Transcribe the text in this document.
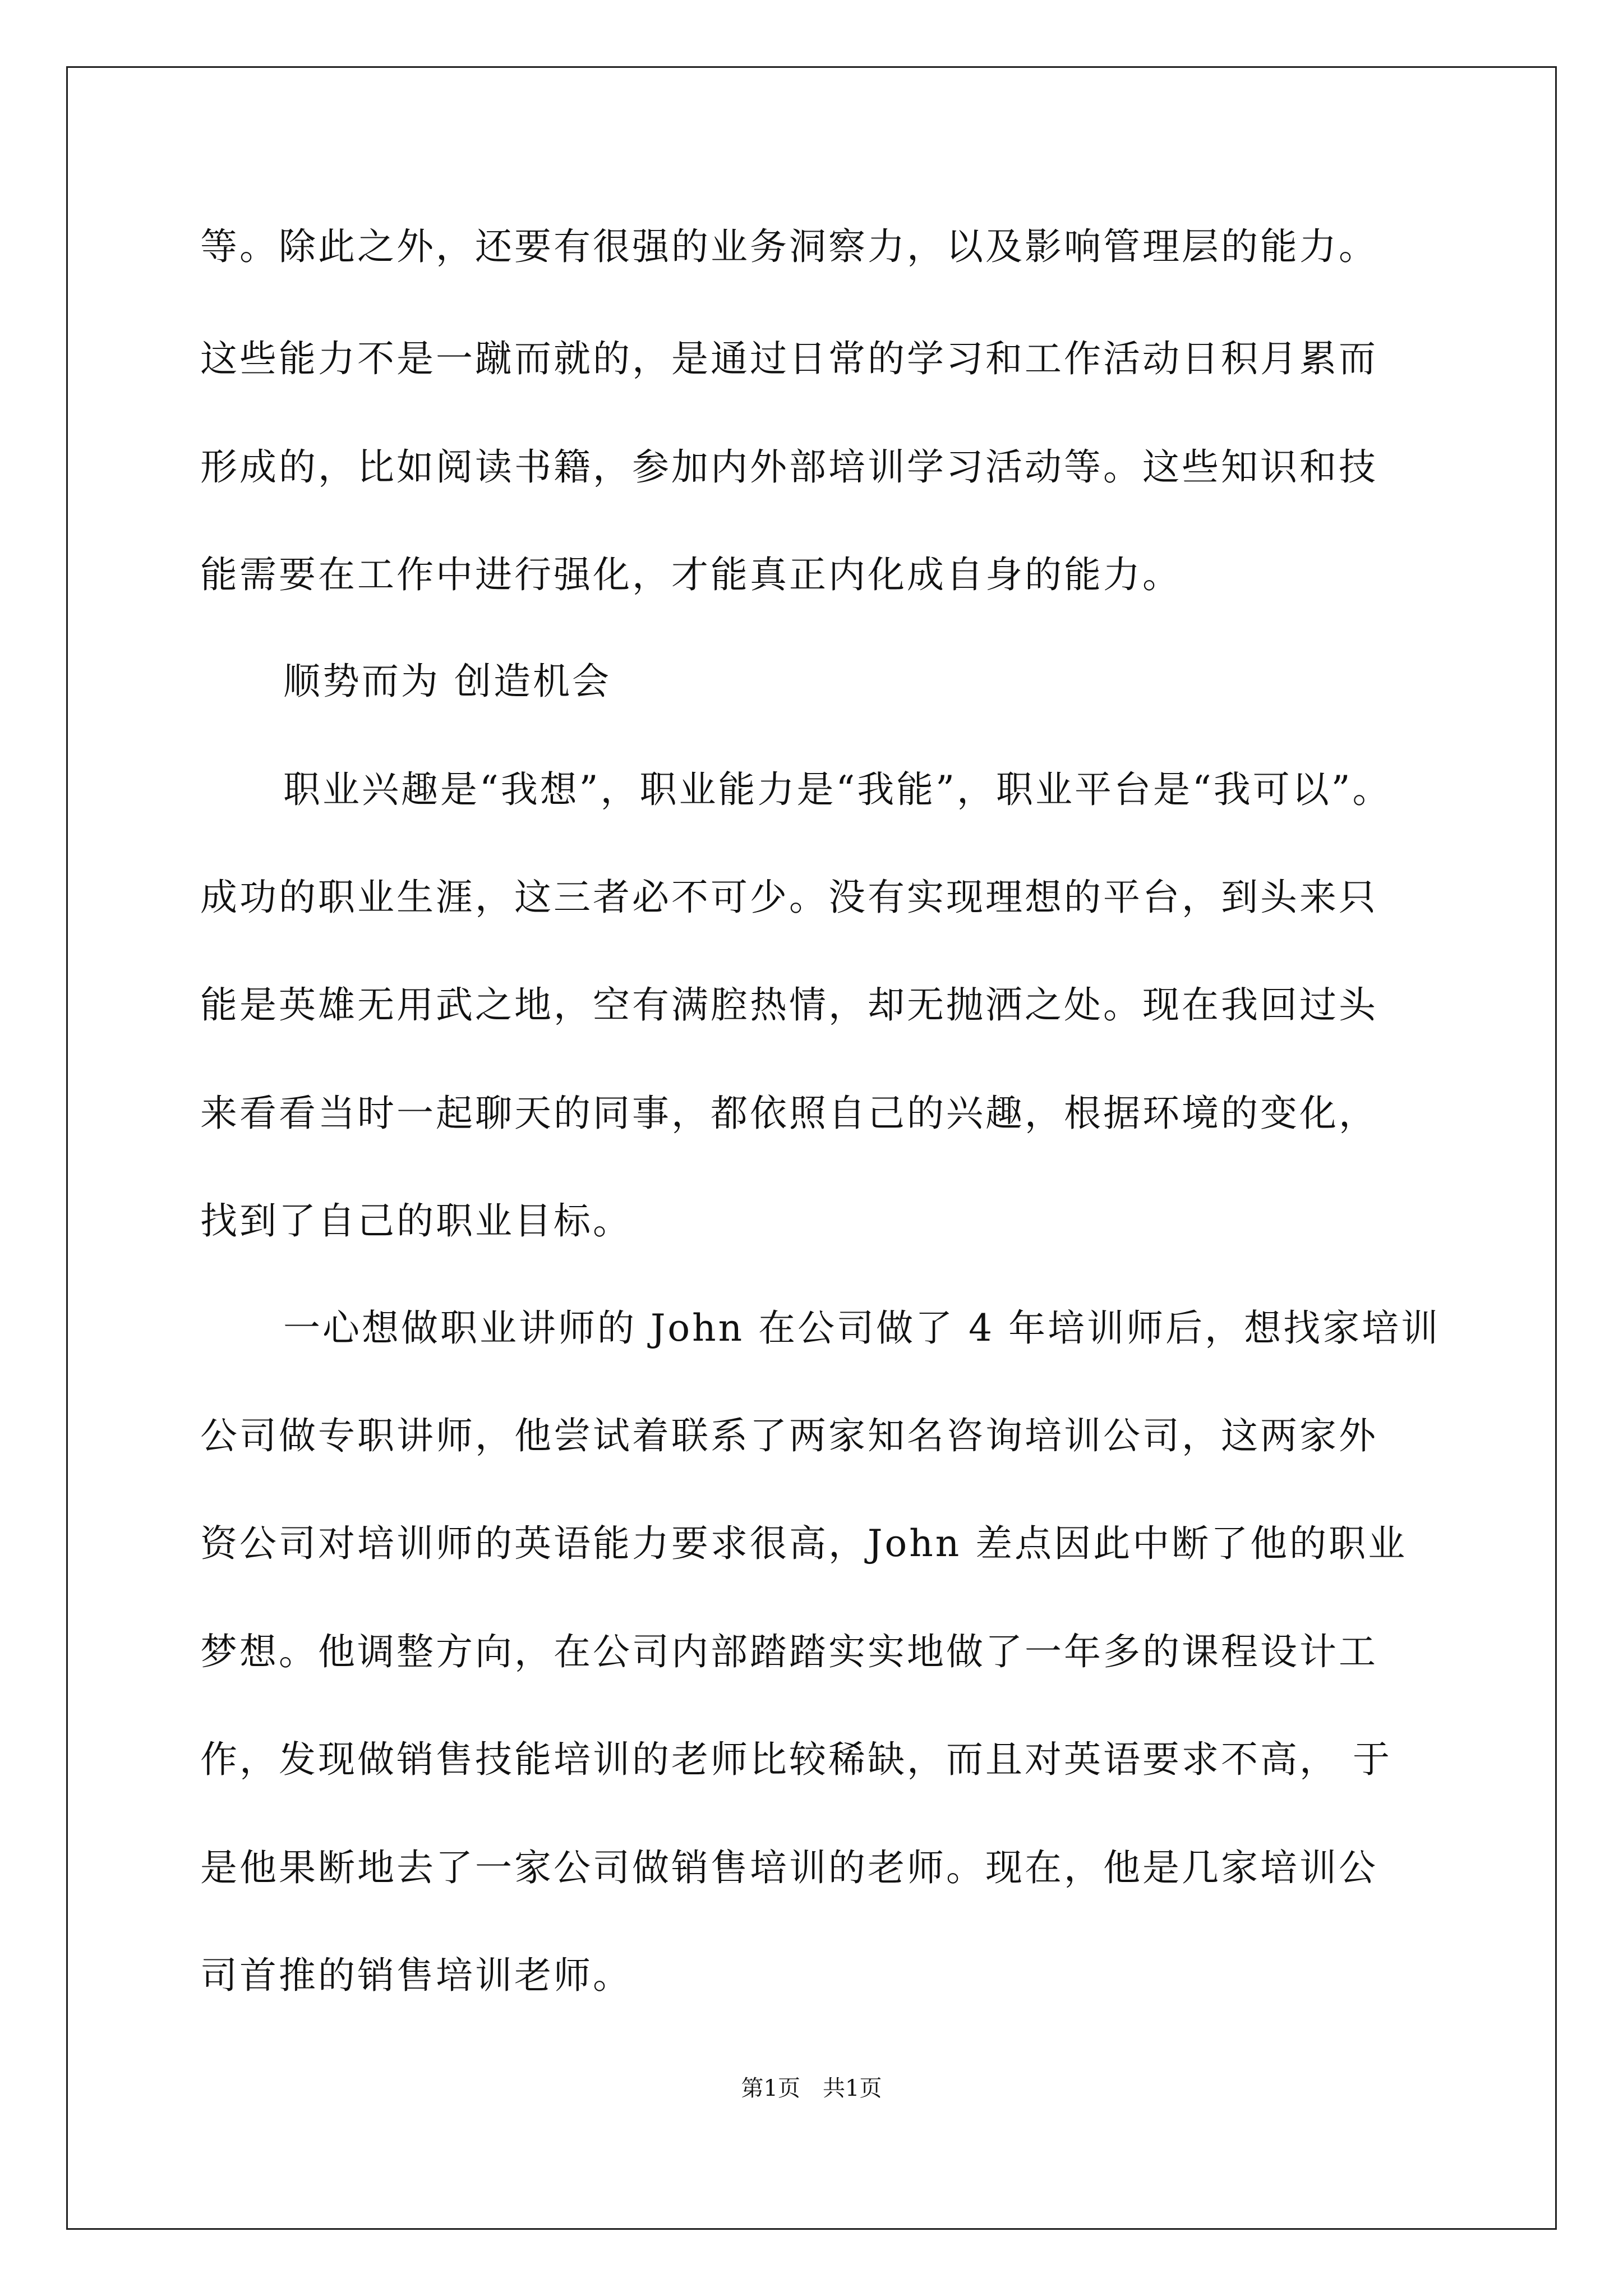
等。除此之外，还要有很强的业务洞察力，以及影响管理层的能力。
这些能力不是一蹴而就的，是通过日常的学习和工作活动日积月累而
形成的，比如阅读书籍，参加内外部培训学习活动等。这些知识和技
能需要在工作中进行强化，才能真正内化成自身的能力。
顺势而为 创造机会
职业兴趣是“我想”，职业能力是“我能”，职业平台是“我可以”。
成功的职业生涯，这三者必不可少。没有实现理想的平台，到头来只
能是英雄无用武之地，空有满腔热情，却无抛洒之处。现在我回过头
来看看当时一起聊天的同事，都依照自己的兴趣，根据环境的变化，
找到了自己的职业目标。
一心想做职业讲师的 John 在公司做了 4 年培训师后，想找家培训
公司做专职讲师，他尝试着联系了两家知名咨询培训公司，这两家外
资公司对培训师的英语能力要求很高，John 差点因此中断了他的职业
梦想。他调整方向，在公司内部踏踏实实地做了一年多的课程设计工
作，发现做销售技能培训的老师比较稀缺，而且对英语要求不高， 于
是他果断地去了一家公司做销售培训的老师。现在，他是几家培训公
司首推的销售培训老师。
第1页　共1页
